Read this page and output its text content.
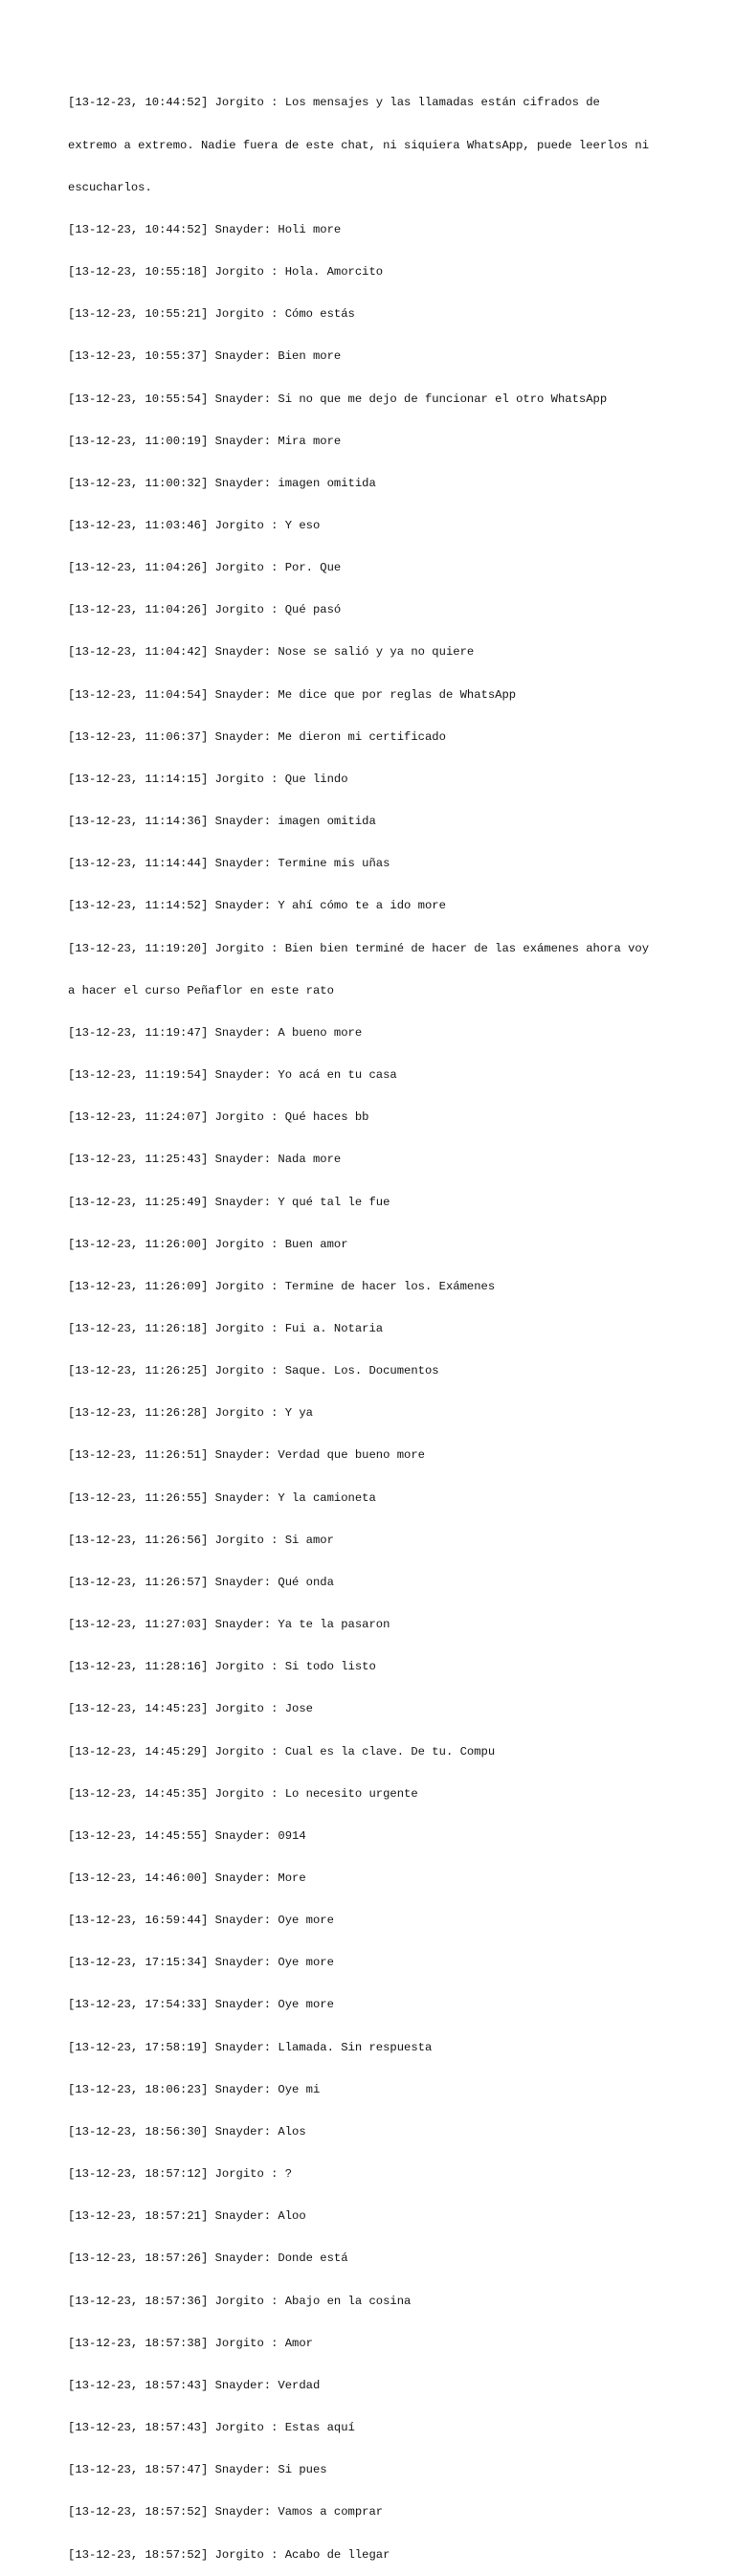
[13-12-23, 10:44:52] Jorgito : Los mensajes y las llamadas están cifrados de

extremo a extremo. Nadie fuera de este chat, ni siquiera WhatsApp, puede leerlos ni

escucharlos.

[13-12-23, 10:44:52] Snayder: Holi more

[13-12-23, 10:55:18] Jorgito : Hola. Amorcito

[13-12-23, 10:55:21] Jorgito : Cómo estás

[13-12-23, 10:55:37] Snayder: Bien more

[13-12-23, 10:55:54] Snayder: Si no que me dejo de funcionar el otro WhatsApp

[13-12-23, 11:00:19] Snayder: Mira more

[13-12-23, 11:00:32] Snayder: imagen omitida

[13-12-23, 11:03:46] Jorgito : Y eso

[13-12-23, 11:04:26] Jorgito : Por. Que

[13-12-23, 11:04:26] Jorgito : Qué pasó

[13-12-23, 11:04:42] Snayder: Nose se salió y ya no quiere

[13-12-23, 11:04:54] Snayder: Me dice que por reglas de WhatsApp

[13-12-23, 11:06:37] Snayder: Me dieron mi certificado

[13-12-23, 11:14:15] Jorgito : Que lindo

[13-12-23, 11:14:36] Snayder: imagen omitida

[13-12-23, 11:14:44] Snayder: Termine mis uñas

[13-12-23, 11:14:52] Snayder: Y ahí cómo te a ido more

[13-12-23, 11:19:20] Jorgito : Bien bien terminé de hacer de las exámenes ahora voy

a hacer el curso Peñaflor en este rato

[13-12-23, 11:19:47] Snayder: A bueno more

[13-12-23, 11:19:54] Snayder: Yo acá en tu casa

[13-12-23, 11:24:07] Jorgito : Qué haces bb

[13-12-23, 11:25:43] Snayder: Nada more

[13-12-23, 11:25:49] Snayder: Y qué tal le fue

[13-12-23, 11:26:00] Jorgito : Buen amor

[13-12-23, 11:26:09] Jorgito : Termine de hacer los. Exámenes

[13-12-23, 11:26:18] Jorgito : Fui a. Notaria

[13-12-23, 11:26:25] Jorgito : Saque. Los. Documentos

[13-12-23, 11:26:28] Jorgito : Y ya

[13-12-23, 11:26:51] Snayder: Verdad que bueno more

[13-12-23, 11:26:55] Snayder: Y la camioneta

[13-12-23, 11:26:56] Jorgito : Si amor

[13-12-23, 11:26:57] Snayder: Qué onda

[13-12-23, 11:27:03] Snayder: Ya te la pasaron

[13-12-23, 11:28:16] Jorgito : Si todo listo

[13-12-23, 14:45:23] Jorgito : Jose

[13-12-23, 14:45:29] Jorgito : Cual es la clave. De tu. Compu

[13-12-23, 14:45:35] Jorgito : Lo necesito urgente

[13-12-23, 14:45:55] Snayder: 0914

[13-12-23, 14:46:00] Snayder: More

[13-12-23, 16:59:44] Snayder: Oye more

[13-12-23, 17:15:34] Snayder: Oye more

[13-12-23, 17:54:33] Snayder: Oye more

[13-12-23, 17:58:19] Snayder: Llamada. Sin respuesta

[13-12-23, 18:06:23] Snayder: Oye mi

[13-12-23, 18:56:30] Snayder: Alos

[13-12-23, 18:57:12] Jorgito : ?

[13-12-23, 18:57:21] Snayder: Aloo

[13-12-23, 18:57:26] Snayder: Donde está

[13-12-23, 18:57:36] Jorgito : Abajo en la cosina

[13-12-23, 18:57:38] Jorgito : Amor

[13-12-23, 18:57:43] Snayder: Verdad

[13-12-23, 18:57:43] Jorgito : Estas aquí

[13-12-23, 18:57:47] Snayder: Si pues

[13-12-23, 18:57:52] Snayder: Vamos a comprar

[13-12-23, 18:57:52] Jorgito : Acabo de llegar
